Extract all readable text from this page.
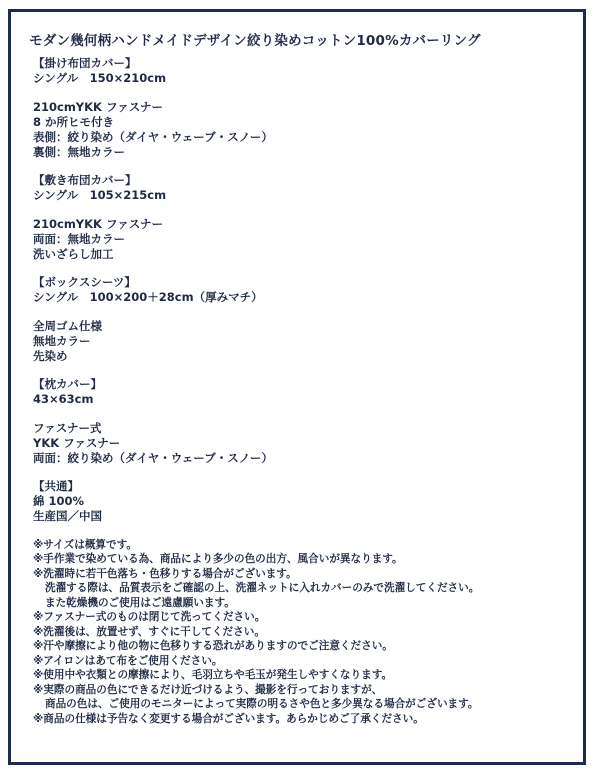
モダン幾何柄ハンドメイドデザイン絞り染めコットン100%カバーリング
【掛け布団カバー】
シングル　150×210cm
210cmYKK ファスナー
8 か所ヒモ付き
表側：絞り染め（ダイヤ・ウェーブ・スノー）
裏側：無地カラー
【敷き布団カバー】
シングル　105×215cm
210cmYKK ファスナー
両面：無地カラー
洗いざらし加工
【ボックスシーツ】
シングル　100×200＋28cm（厚みマチ）
全周ゴム仕様
無地カラー
先染め
【枕カバー】
43×63cm
ファスナー式
YKK ファスナー
両面：絞り染め（ダイヤ・ウェーブ・スノー）
【共通】
綿 100%
生産国／中国
※サイズは概算です。
※手作業で染めている為、商品により多少の色の出方、風合いが異なります。
※洗濯時に若干色落ち・色移りする場合がございます。
洗濯する際は、品質表示をご確認の上、洗濯ネットに入れカバーのみで洗濯してください。
また乾燥機のご使用はご遠慮願います。
※ファスナー式のものは閉じて洗ってください。
※洗濯後は、放置せず、すぐに干してください。
※汗や摩擦により他の物に色移りする恐れがありますのでご注意ください。
※アイロンはあて布をご使用ください。
※使用中や衣類との摩擦により、毛羽立ちや毛玉が発生しやすくなります。
※実際の商品の色にできるだけ近づけるよう、撮影を行っておりますが、
商品の色は、ご使用のモニターによって実際の明るさや色と多少異なる場合がございます。
※商品の仕様は予告なく変更する場合がございます。あらかじめご了承ください。
